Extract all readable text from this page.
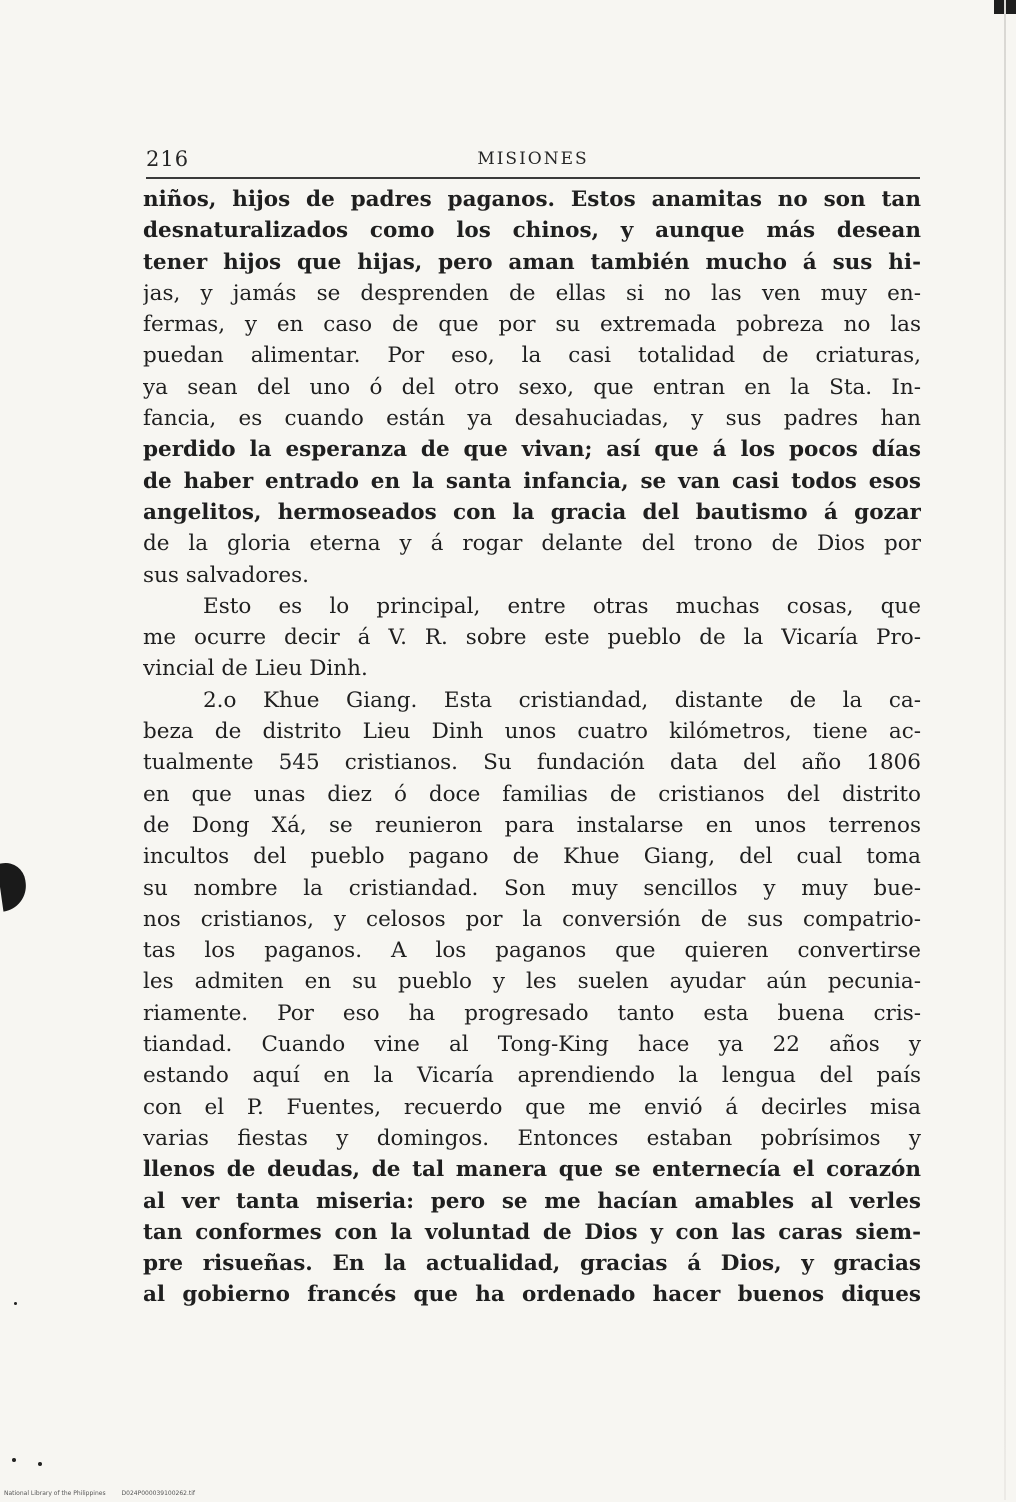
216	MISIONES
niños, hijos de padres paganos. Estos anamitas no son tan
desnaturalizados como los chinos, y aunque más desean
tener hijos que hijas, pero aman también mucho á sus hi-
jas, y jamás se desprenden de ellas si no las ven muy en-
fermas, y en caso de que por su extremada pobreza no las
puedan alimentar. Por eso, la casi totalidad de criaturas,
ya sean del uno ó del otro sexo, que entran en la Sta. In-
fancia, es cuando están ya desahuciadas, y sus padres han
perdido la esperanza de que vivan; así que á los pocos días
de haber entrado en la santa infancia, se van casi todos esos
angelitos, hermoseados con la gracia del bautismo á gozar
de la gloria eterna y á rogar delante del trono de Dios por
sus salvadores.
Esto es lo principal, entre otras muchas cosas, que
me ocurre decir á V. R. sobre este pueblo de la Vicaría Pro-
vincial de Lieu Dinh.
2.o Khue Giang. Esta cristiandad, distante de la ca-
beza de distrito Lieu Dinh unos cuatro kilómetros, tiene ac-
tualmente 545 cristianos. Su fundación data del año 1806
en que unas diez ó doce familias de cristianos del distrito
de Dong Xá, se reunieron para instalarse en unos terrenos
incultos del pueblo pagano de Khue Giang, del cual toma
su nombre la cristiandad. Son muy sencillos y muy bue-
nos cristianos, y celosos por la conversión de sus compatrio-
tas los paganos. A los paganos que quieren convertirse
les admiten en su pueblo y les suelen ayudar aún pecunia-
riamente. Por eso ha progresado tanto esta buena cris-
tiandad. Cuando vine al Tong-King hace ya 22 años y
estando aquí en la Vicaría aprendiendo la lengua del país
con el P. Fuentes, recuerdo que me envió á decirles misa
varias fiestas y domingos. Entonces estaban pobrísimos y
llenos de deudas, de tal manera que se enternecía el corazón
al ver tanta miseria: pero se me hacían amables al verles
tan conformes con la voluntad de Dios y con las caras siem-
pre risueñas. En la actualidad, gracias á Dios, y gracias
al gobierno francés que ha ordenado hacer buenos diques
National Library of the Philippines	D024P000039100262.tif
